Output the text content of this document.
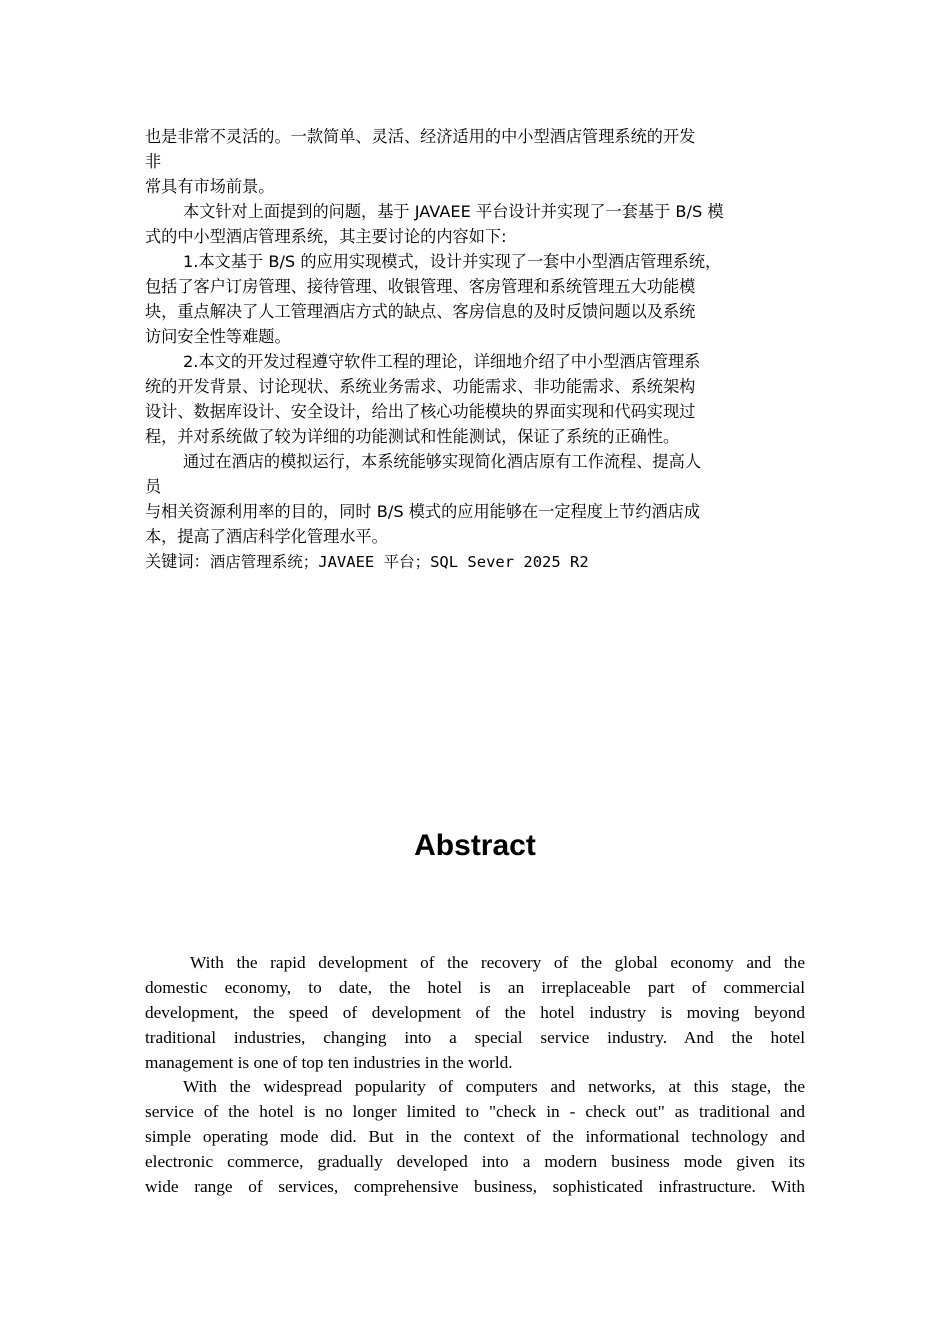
也是非常不灵活的。一款简单、灵活、经济适用的中小型酒店管理系统的开发
非
常具有市场前景。

本文针对上面提到的问题，基于 JAVAEE 平台设计并实现了一套基于 B/S 模
式的中小型酒店管理系统，其主要讨论的内容如下:

1.本文基于 B/S 的应用实现模式，设计并实现了一套中小型酒店管理系统，
包括了客户订房管理、接待管理、收银管理、客房管理和系统管理五大功能模
块，重点解决了人工管理酒店方式的缺点、客房信息的及时反馈问题以及系统
访问安全性等难题。

2.本文的开发过程遵守软件工程的理论，详细地介绍了中小型酒店管理系
统的开发背景、讨论现状、系统业务需求、功能需求、非功能需求、系统架构
设计、数据库设计、安全设计，给出了核心功能模块的界面实现和代码实现过
程，并对系统做了较为详细的功能测试和性能测试，保证了系统的正确性。

通过在酒店的模拟运行，本系统能够实现简化酒店原有工作流程、提高人
员
与相关资源利用率的目的，同时 B/S 模式的应用能够在一定程度上节约酒店成
本，提高了酒店科学化管理水平。

关键词：酒店管理系统；JAVAEE 平台；SQL Sever 2025 R2

Abstract

With the rapid development of the recovery of the global economy and the
domestic economy, to date, the hotel is an irreplaceable part of commercial
development, the speed of development of the hotel industry is moving beyond
traditional industries, changing into a special service industry. And the hotel
management is one of top ten industries in the world.

With the widespread popularity of computers and networks, at this stage, the
service of the hotel is no longer limited to "check in - check out" as traditional and
simple operating mode did. But in the context of the informational technology and
electronic commerce, gradually developed into a modern business mode given its
wide range of services, comprehensive business, sophisticated infrastructure. With
